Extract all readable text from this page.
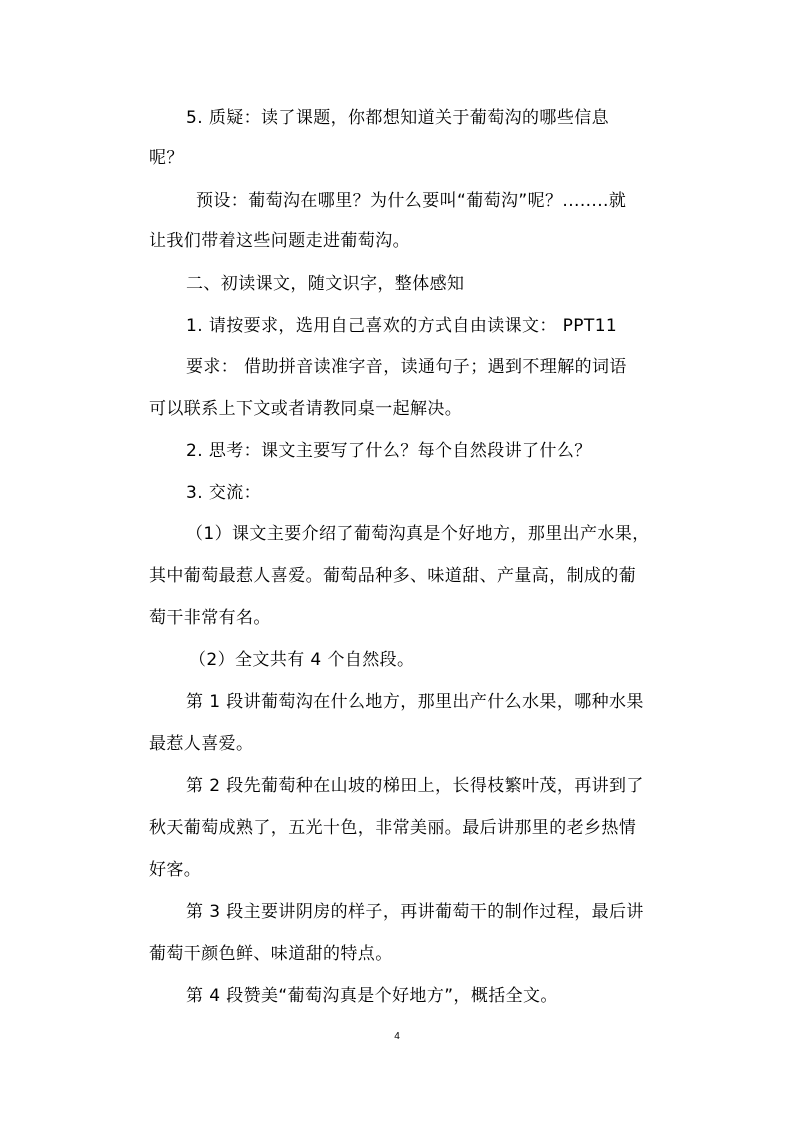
5. 质疑：读了课题，你都想知道关于葡萄沟的哪些信息
呢？
预设：葡萄沟在哪里？为什么要叫“葡萄沟”呢？........就
让我们带着这些问题走进葡萄沟。
二、初读课文，随文识字，整体感知
1. 请按要求，选用自己喜欢的方式自由读课文： PPT11
要求： 借助拼音读准字音，读通句子；遇到不理解的词语
可以联系上下文或者请教同桌一起解决。
2. 思考：课文主要写了什么？每个自然段讲了什么？
3. 交流：
（1）课文主要介绍了葡萄沟真是个好地方，那里出产水果，
其中葡萄最惹人喜爱。葡萄品种多、味道甜、产量高，制成的葡
萄干非常有名。
（2）全文共有 4 个自然段。
第 1 段讲葡萄沟在什么地方，那里出产什么水果，哪种水果
最惹人喜爱。
第 2 段先葡萄种在山坡的梯田上，长得枝繁叶茂，再讲到了
秋天葡萄成熟了，五光十色，非常美丽。最后讲那里的老乡热情
好客。
第 3 段主要讲阴房的样子，再讲葡萄干的制作过程，最后讲
葡萄干颜色鲜、味道甜的特点。
第 4 段赞美“葡萄沟真是个好地方”，概括全文。
4
